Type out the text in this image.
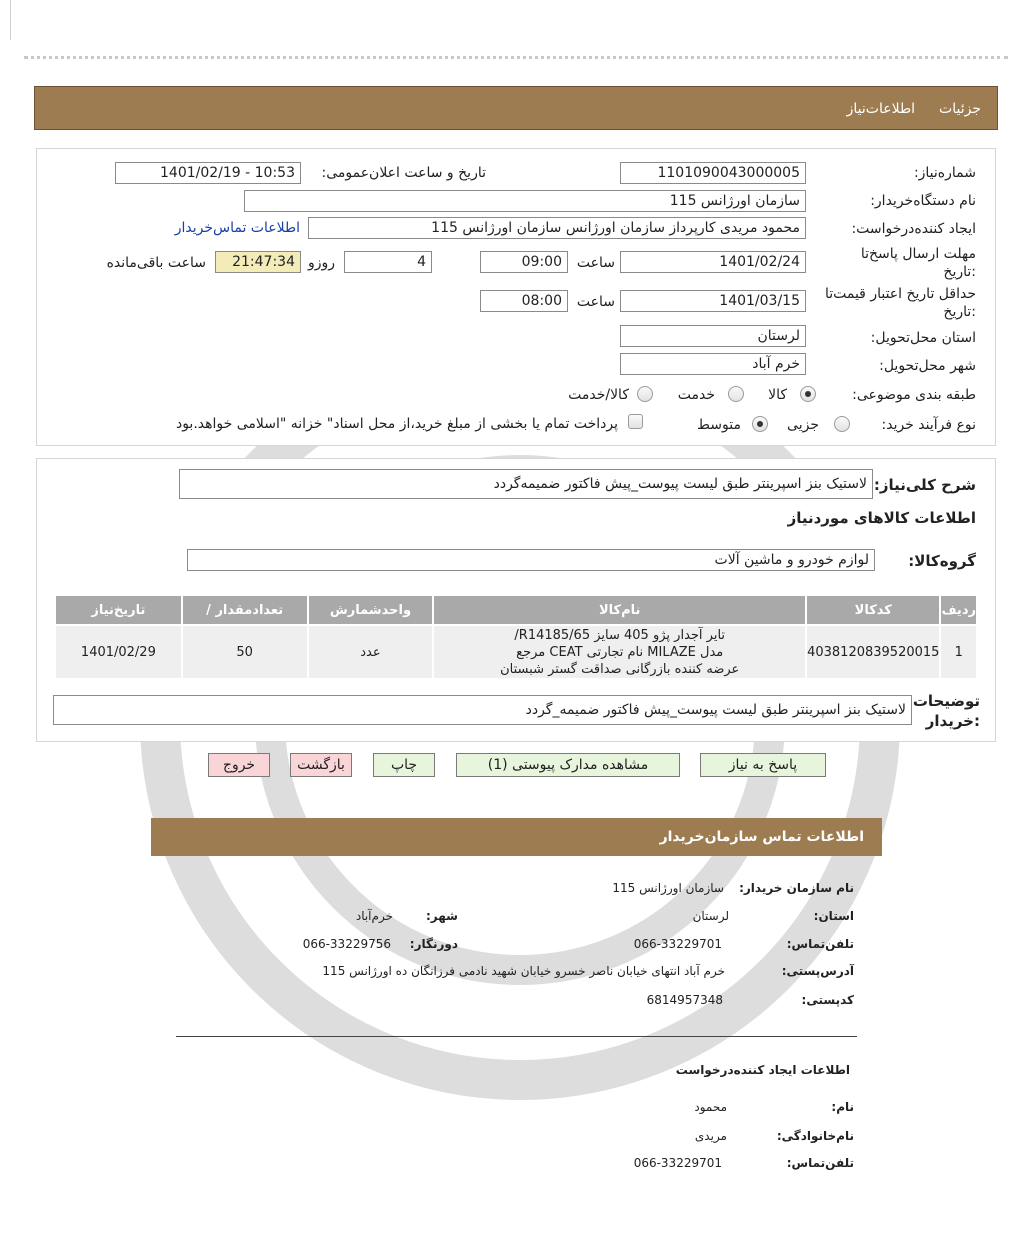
جزئیات
اطلاعات‌نیاز
شماره‌نیاز:
1101090043000005
تاریخ و ساعت اعلان‌عمومی:
1401/02/19 - 10:53
نام دستگاه‌خریدار:
سازمان اورژانس 115
ایجاد کننده‌درخواست:
محمود مریدی کارپرداز سازمان اورژانس سازمان اورژانس 115
اطلاعات تماس‌خریدار
مهلت ارسال پاسخ‌تا
:تاریخ
1401/02/24
ساعت
09:00
4
روزو
21:47:34
ساعت باقی‌مانده
حداقل تاریخ اعتبار قیمت‌تا
:تاریخ
1401/03/15
ساعت
08:00
استان محل‌تحویل:
لرستان
شهر محل‌تحویل:
خرم آباد
طبقه بندی موضوعی:
کالا
خدمت
کالا/خدمت
نوع فرآیند خرید:
جزیی
متوسط
پرداخت تمام یا بخشی از مبلغ خرید،از محل اسناد" خزانه "اسلامی خواهد.بود
شرح کلی‌نیاز:
لاستیک بنز اسپرینتر طبق لیست پیوست_پیش فاکتور ضمیمه‌گردد
اطلاعات کالاهای موردنیاز
گروه‌کالا:
لوازم خودرو و ماشین آلات
تاریخ‌نیاز	/ تعدادمقدار	واحدشمارش	نام‌کالا	کدکالا	ردیف
1401/02/29	50	عدد	تایر آجدار پژو 405 سایز R14185/65/
مدل MILAZE نام تجارتی CEAT مرجع
عرضه کننده بازرگانی صداقت گستر شبستان	4038120839520015	1
توضیحات
:خریدار
لاستیک بنز اسپرینتر طبق لیست پیوست_پیش فاکتور ضمیمه_گردد
پاسخ به نیاز
مشاهده مدارک پیوستی (1)
چاپ
بازگشت
خروج
اطلاعات تماس سازمان‌خریدار
نام سازمان خریدار:
سازمان اورژانس 115
استان:
لرستان
شهر:
خرم‌آباد
تلفن‌تماس:
066-33229701
دورنگار:
066-33229756
آدرس‌پستی:
خرم آباد انتهای خیابان ناصر خسرو خیابان شهید نادمی فرزانگان ده اورژانس 115
کدپستی:
6814957348
اطلاعات ایجاد کننده‌درخواست
نام:
محمود
نام‌خانوادگی:
مریدی
تلفن‌تماس:
066-33229701
